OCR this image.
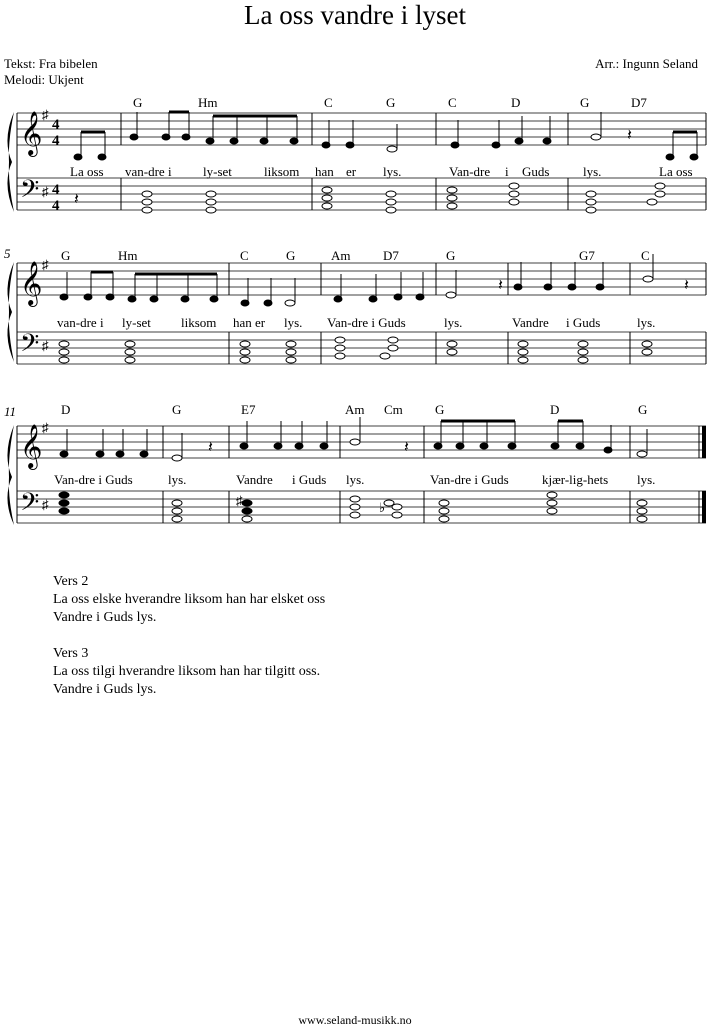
La oss vandre i lyset
Tekst: Fra bibelen
Melodi: Ukjent
Arr.: Ingunn Seland
𝄞
𝄢
♯
♯
4
4
4
4
G	Hm	C	G	C	D	G	D7
𝄽
𝄽
La oss van-dre i ly-set liksom han er lys.	Van-dre i Guds	lys.	La oss
5
𝄞
𝄢
♯
♯
G	Hm	C	G	Am	D7	G	G7	C
𝄽	𝄽
van-dre i ly-set liksom han er lys. Van-dre i Guds	lys.	Vandre i Guds	lys.
11
𝄞
𝄢
♯
♯
D	G	E7	Am Cm G	D	G
♯	♭
𝄽	𝄽
Van-dre i Guds	lys.	Vandre i Guds lys.	Van-dre i Guds	kjær-lig-hets lys.
Vers 2
La oss elske hverandre liksom han har elsket oss
Vandre i Guds lys.
Vers 3
La oss tilgi hverandre liksom han har tilgitt oss.
Vandre i Guds lys.
www.seland-musikk.no
